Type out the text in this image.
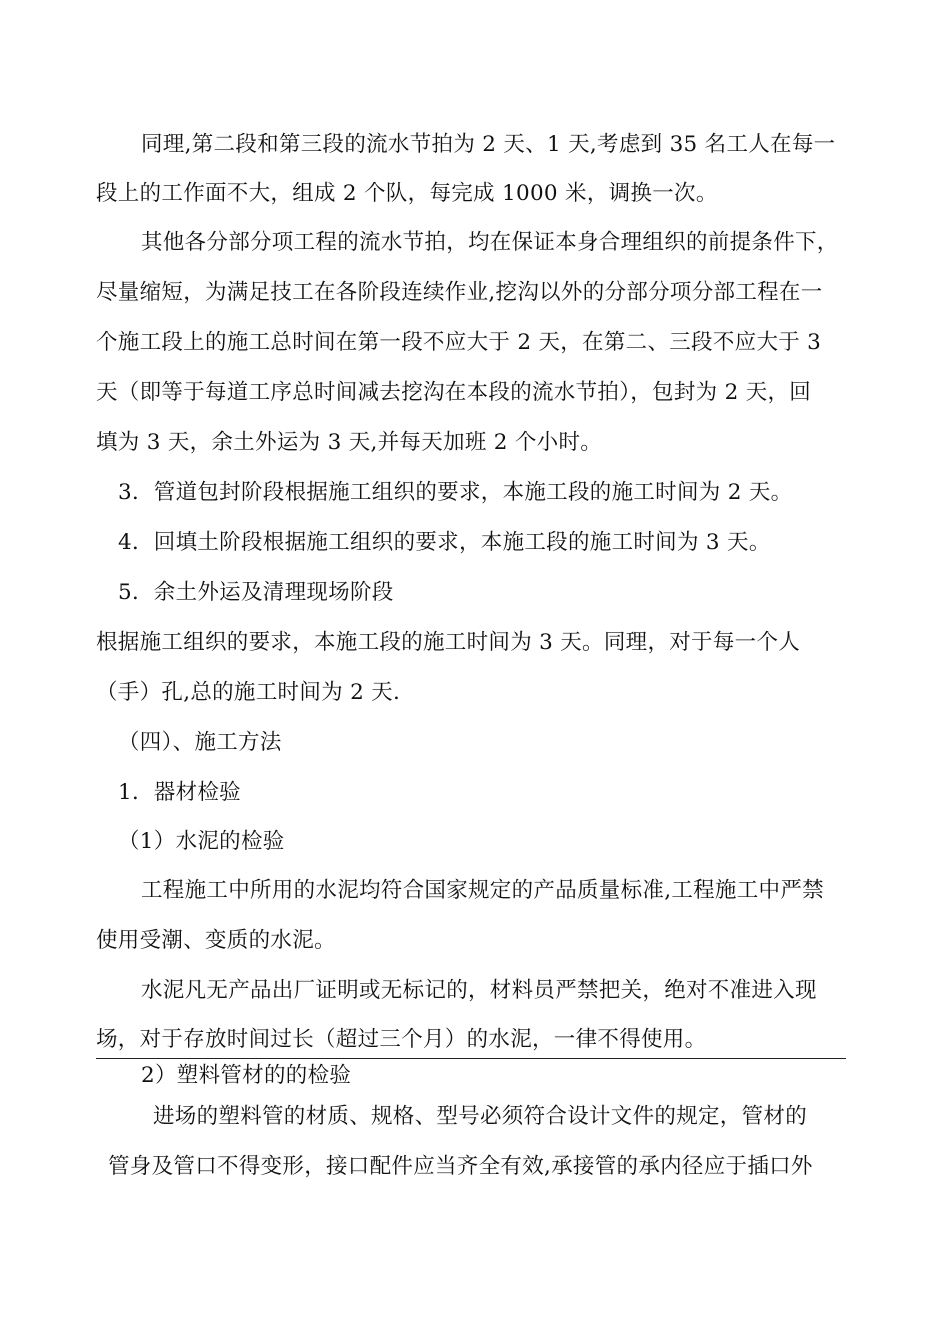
同理,第二段和第三段的流水节拍为 2 天、1 天,考虑到 35 名工人在每一
段上的工作面不大，组成 2 个队，每完成 1000 米，调换一次。
其他各分部分项工程的流水节拍，均在保证本身合理组织的前提条件下，
尽量缩短，为满足技工在各阶段连续作业,挖沟以外的分部分项分部工程在一
个施工段上的施工总时间在第一段不应大于 2 天，在第二、三段不应大于 3
天（即等于每道工序总时间减去挖沟在本段的流水节拍），包封为 2 天，回
填为 3 天，余土外运为 3 天,并每天加班 2 个小时。
3．管道包封阶段根据施工组织的要求，本施工段的施工时间为 2 天。
4．回填土阶段根据施工组织的要求，本施工段的施工时间为 3 天。
5．余土外运及清理现场阶段
根据施工组织的要求，本施工段的施工时间为 3 天。同理，对于每一个人
（手）孔,总的施工时间为 2 天.
（四）、施工方法
1．器材检验
（1）水泥的检验
工程施工中所用的水泥均符合国家规定的产品质量标准,工程施工中严禁
使用受潮、变质的水泥。
水泥凡无产品出厂证明或无标记的，材料员严禁把关，绝对不准进入现
场，对于存放时间过长（超过三个月）的水泥，一律不得使用。
2）塑料管材的的检验
进场的塑料管的材质、规格、型号必须符合设计文件的规定，管材的
管身及管口不得变形，接口配件应当齐全有效,承接管的承内径应于插口外
